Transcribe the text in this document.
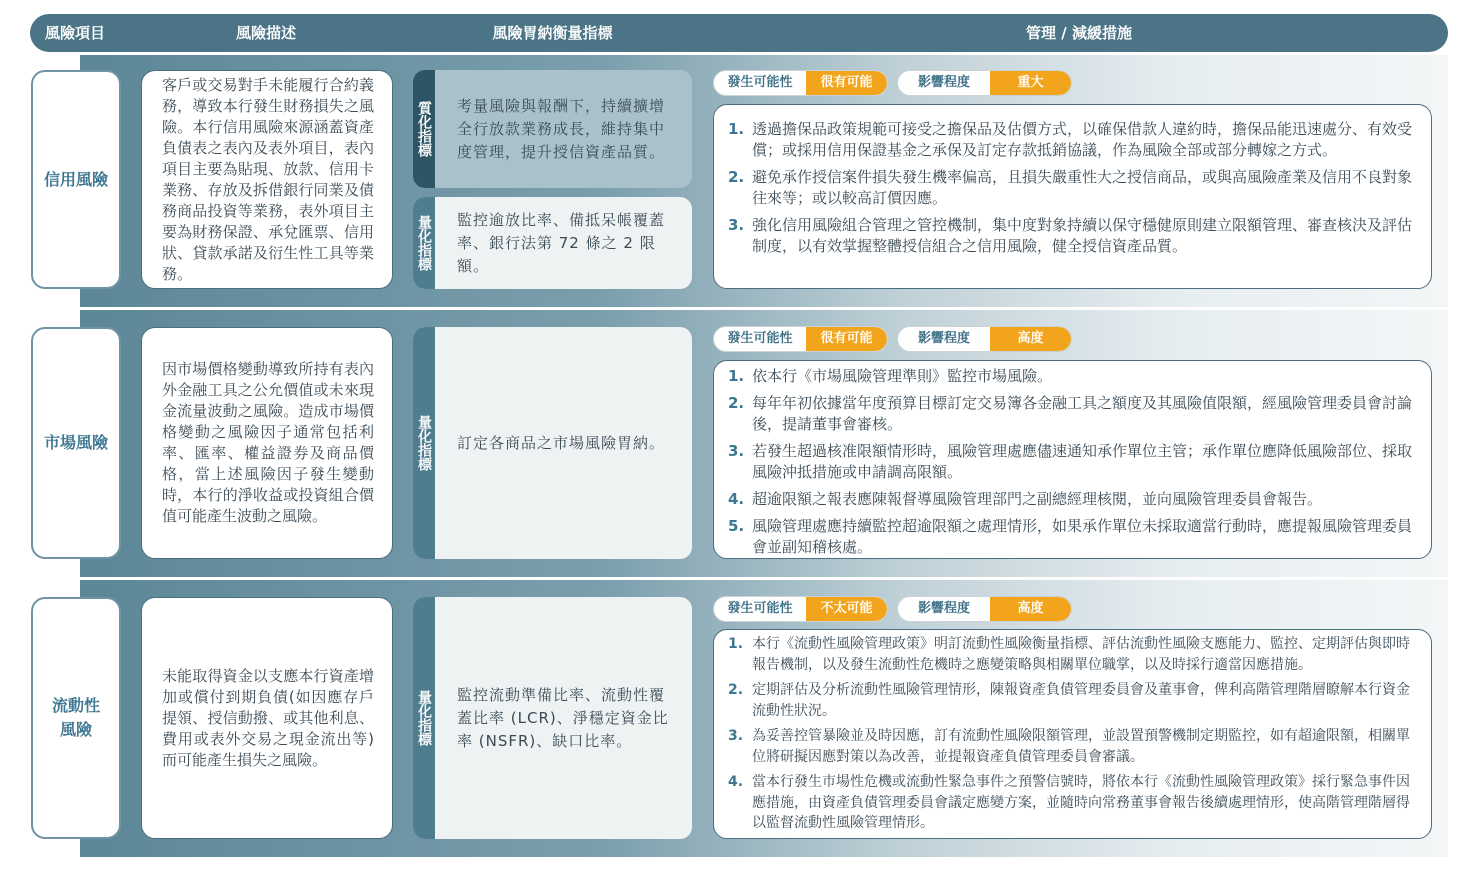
風險項目	風險描述	風險胃納衡量指標	管理 / 減緩措施
信用風險

客戶或交易對手未能履行合約義務，導致本行發生財務損失之風險。本行信用風險來源涵蓋資產負債表之表內及表外項目，表內項目主要為貼現、放款、信用卡業務、存放及拆借銀行同業及債務商品投資等業務，表外項目主要為財務保證、承兌匯票、信用狀、貸款承諾及衍生性工具等業務。

質化指標	考量風險與報酬下，持續擴增全行放款業務成長，維持集中度管理，提升授信資產品質。
量化指標	監控逾放比率、備抵呆帳覆蓋率、銀行法第 72 條之 2 限額。
發生可能性	很有可能	影響程度	重大
1. 透過擔保品政策規範可接受之擔保品及估價方式，以確保借款人違約時，擔保品能迅速處分、有效受償；或採用信用保證基金之承保及訂定存款抵銷協議，作為風險全部或部分轉嫁之方式。
2. 避免承作授信案件損失發生機率偏高，且損失嚴重性大之授信商品，或與高風險產業及信用不良對象往來等；或以較高訂價因應。
3. 強化信用風險組合管理之管控機制，集中度對象持續以保守穩健原則建立限額管理、審查核決及評估制度，以有效掌握整體授信組合之信用風險，健全授信資產品質。
市場風險

因市場價格變動導致所持有表內外金融工具之公允價值或未來現金流量波動之風險。造成市場價格變動之風險因子通常包括利率、匯率、權益證券及商品價格，當上述風險因子發生變動時，本行的淨收益或投資組合價值可能產生波動之風險。

量化指標	訂定各商品之市場風險胃納。
發生可能性	很有可能	影響程度	高度
1. 依本行《市場風險管理準則》監控市場風險。
2. 每年年初依據當年度預算目標訂定交易簿各金融工具之額度及其風險值限額，經風險管理委員會討論後，提請董事會審核。
3. 若發生超過核准限額情形時，風險管理處應儘速通知承作單位主管；承作單位應降低風險部位、採取風險沖抵措施或申請調高限額。
4. 超逾限額之報表應陳報督導風險管理部門之副總經理核閱，並向風險管理委員會報告。
5. 風險管理處應持續監控超逾限額之處理情形，如果承作單位未採取適當行動時，應提報風險管理委員會並副知稽核處。
流動性
風險

未能取得資金以支應本行資產增加或償付到期負債(如因應存戶提領、授信動撥、或其他利息、費用或表外交易之現金流出等)而可能產生損失之風險。

量化指標	監控流動準備比率、流動性覆蓋比率 (LCR)、淨穩定資金比率 (NSFR)、缺口比率。
發生可能性	不太可能	影響程度	高度
1. 本行《流動性風險管理政策》明訂流動性風險衡量指標、評估流動性風險支應能力、監控、定期評估與即時報告機制，以及發生流動性危機時之應變策略與相關單位職掌，以及時採行適當因應措施。
2. 定期評估及分析流動性風險管理情形，陳報資產負債管理委員會及董事會，俾利高階管理階層瞭解本行資金流動性狀況。
3. 為妥善控管暴險並及時因應，訂有流動性風險限額管理，並設置預警機制定期監控，如有超逾限額，相關單位將研擬因應對策以為改善，並提報資產負債管理委員會審議。
4. 當本行發生市場性危機或流動性緊急事件之預警信號時，將依本行《流動性風險管理政策》採行緊急事件因應措施，由資產負債管理委員會議定應變方案，並隨時向常務董事會報告後續處理情形，使高階管理階層得以監督流動性風險管理情形。
